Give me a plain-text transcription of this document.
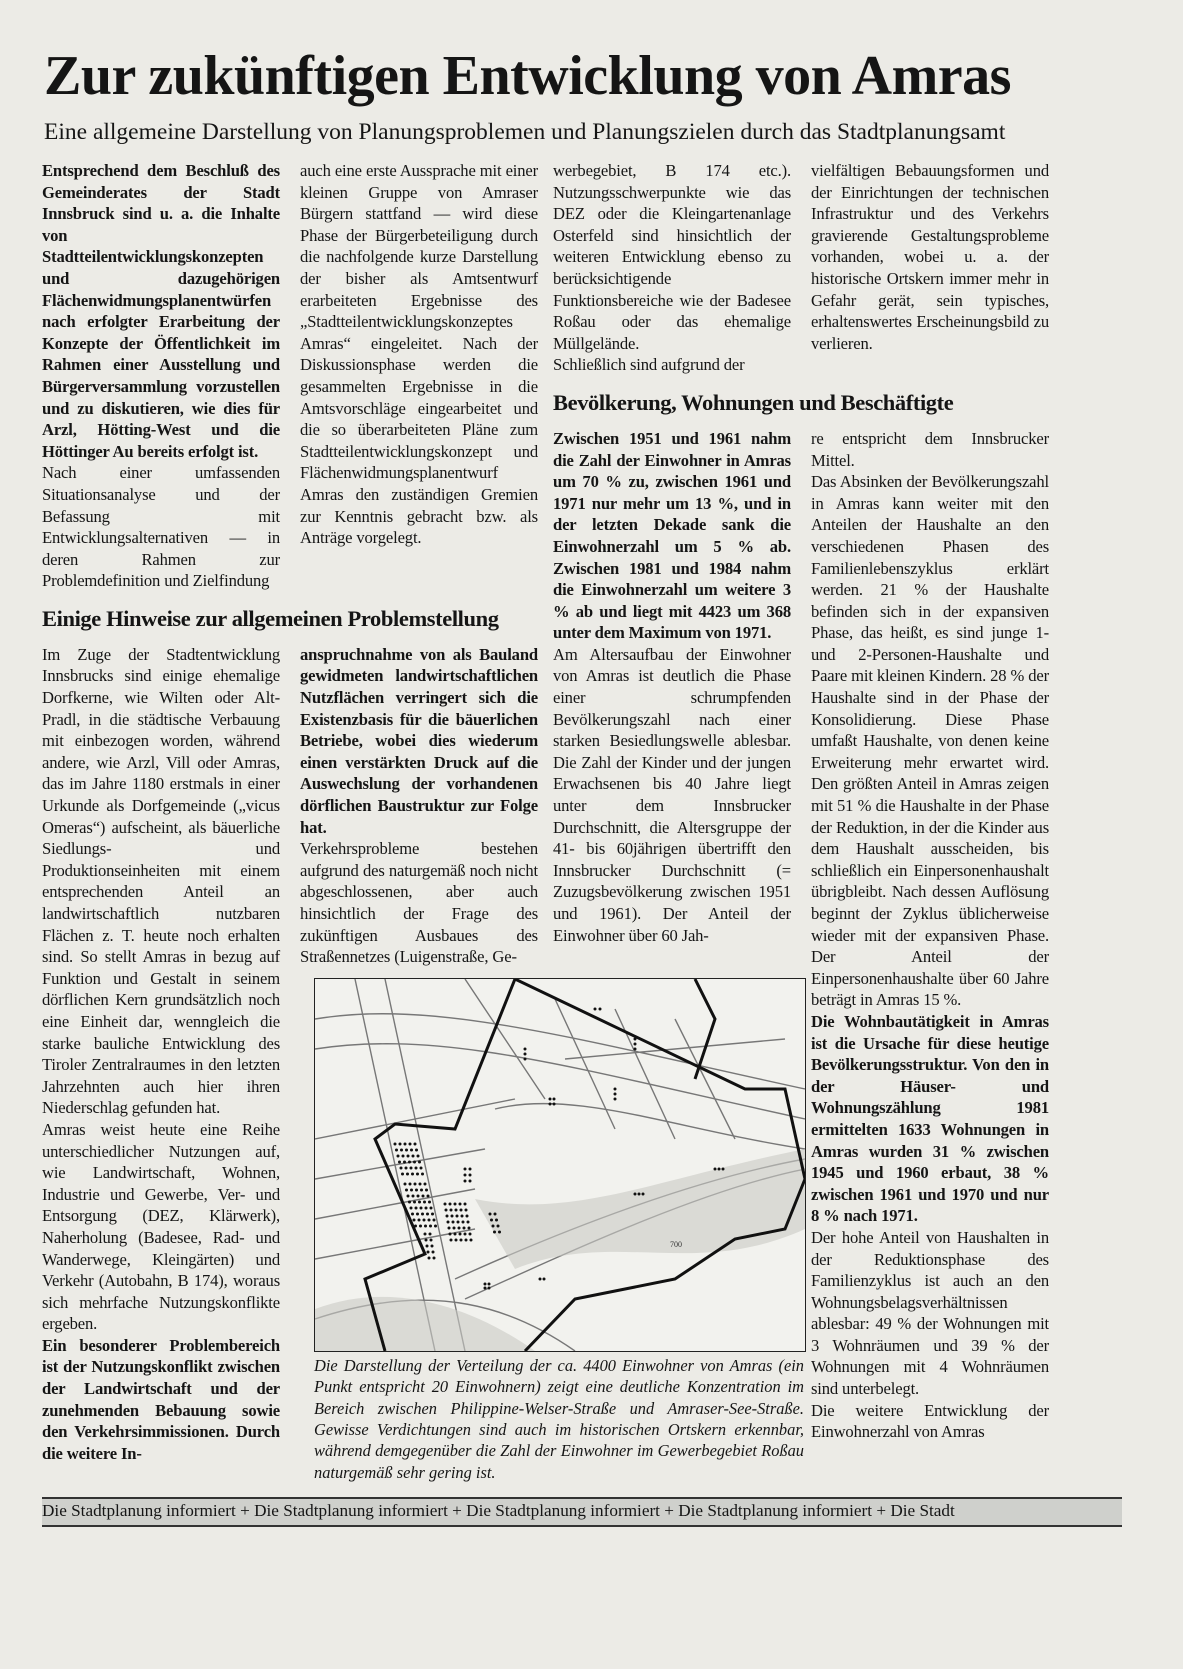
Zur zukünftigen Entwicklung von Amras
Eine allgemeine Darstellung von Planungsproblemen und Planungszielen durch das Stadtplanungsamt

Entsprechend dem Beschluß des Gemeinderates der Stadt Innsbruck sind u. a. die Inhalte von Stadtteilentwicklungskonzepten und dazugehörigen Flächenwidmungsplanentwürfen nach erfolgter Erarbeitung der Konzepte der Öffentlichkeit im Rahmen einer Ausstellung und Bürgerversammlung vorzustellen und zu diskutieren, wie dies für Arzl, Hötting-West und die Höttinger Au bereits erfolgt ist.

Nach einer umfassenden Situationsanalyse und der Befassung mit Entwicklungsalternativen — in deren Rahmen zur Problemdefinition und Zielfindung

auch eine erste Aussprache mit einer kleinen Gruppe von Amraser Bürgern stattfand — wird diese Phase der Bürgerbeteiligung durch die nachfolgende kurze Darstellung der bisher als Amtsentwurf erarbeiteten Ergebnisse des „Stadtteilentwicklungskonzeptes Amras“ eingeleitet. Nach der Diskussionsphase werden die gesammelten Ergebnisse in die Amtsvorschläge eingearbeitet und die so überarbeiteten Pläne zum Stadtteilentwicklungskonzept und Flächenwidmungsplanentwurf Amras den zuständigen Gremien zur Kenntnis gebracht bzw. als Anträge vorgelegt.

Einige Hinweise zur allgemeinen Problemstellung

Im Zuge der Stadtentwicklung Innsbrucks sind einige ehemalige Dorfkerne, wie Wilten oder Alt-Pradl, in die städtische Verbauung mit einbezogen worden, während andere, wie Arzl, Vill oder Amras, das im Jahre 1180 erstmals in einer Urkunde als Dorfgemeinde („vicus Omeras“) aufscheint, als bäuerliche Siedlungs- und Produktionseinheiten mit einem entsprechenden Anteil an landwirtschaftlich nutzbaren Flächen z. T. heute noch erhalten sind. So stellt Amras in bezug auf Funktion und Gestalt in seinem dörflichen Kern grundsätzlich noch eine Einheit dar, wenngleich die starke bauliche Entwicklung des Tiroler Zentralraumes in den letzten Jahrzehnten auch hier ihren Niederschlag gefunden hat.

Amras weist heute eine Reihe unterschiedlicher Nutzungen auf, wie Landwirtschaft, Wohnen, Industrie und Gewerbe, Ver- und Entsorgung (DEZ, Klärwerk), Naherholung (Badesee, Rad- und Wanderwege, Kleingärten) und Verkehr (Autobahn, B 174), woraus sich mehrfache Nutzungskonflikte ergeben.

Ein besonderer Problembereich ist der Nutzungskonflikt zwischen der Landwirtschaft und der zunehmenden Bebauung sowie den Verkehrsimmissionen. Durch die weitere In-

anspruchnahme von als Bauland gewidmeten landwirtschaftlichen Nutzflächen verringert sich die Existenzbasis für die bäuerlichen Betriebe, wobei dies wiederum einen verstärkten Druck auf die Auswechslung der vorhandenen dörflichen Baustruktur zur Folge hat.

Verkehrsprobleme bestehen aufgrund des naturgemäß noch nicht abgeschlossenen, aber auch hinsichtlich der Frage des zukünftigen Ausbaues des Straßennetzes (Luigenstraße, Ge-

werbegebiet, B 174 etc.). Nutzungsschwerpunkte wie das DEZ oder die Kleingartenanlage Osterfeld sind hinsichtlich der weiteren Entwicklung ebenso zu berücksichtigende Funktionsbereiche wie der Badesee Roßau oder das ehemalige Müllgelände.

Schließlich sind aufgrund der

vielfältigen Bebauungsformen und der Einrichtungen der technischen Infrastruktur und des Verkehrs gravierende Gestaltungsprobleme vorhanden, wobei u. a. der historische Ortskern immer mehr in Gefahr gerät, sein typisches, erhaltenswertes Erscheinungsbild zu verlieren.

Bevölkerung, Wohnungen und Beschäftigte

Zwischen 1951 und 1961 nahm die Zahl der Einwohner in Amras um 70 % zu, zwischen 1961 und 1971 nur mehr um 13 %, und in der letzten Dekade sank die Einwohnerzahl um 5 % ab. Zwischen 1981 und 1984 nahm die Einwohnerzahl um weitere 3 % ab und liegt mit 4423 um 368 unter dem Maximum von 1971.

Am Altersaufbau der Einwohner von Amras ist deutlich die Phase einer schrumpfenden Bevölkerungszahl nach einer starken Besiedlungswelle ablesbar. Die Zahl der Kinder und der jungen Erwachsenen bis 40 Jahre liegt unter dem Innsbrucker Durchschnitt, die Altersgruppe der 41- bis 60jährigen übertrifft den Innsbrucker Durchschnitt (= Zuzugsbevölkerung zwischen 1951 und 1961). Der Anteil der Einwohner über 60 Jah-

re entspricht dem Innsbrucker Mittel.

Das Absinken der Bevölkerungszahl in Amras kann weiter mit den Anteilen der Haushalte an den verschiedenen Phasen des Familienlebenszyklus erklärt werden. 21 % der Haushalte befinden sich in der expansiven Phase, das heißt, es sind junge 1- und 2-Personen-Haushalte und Paare mit kleinen Kindern. 28 % der Haushalte sind in der Phase der Konsolidierung. Diese Phase umfaßt Haushalte, von denen keine Erweiterung mehr erwartet wird. Den größten Anteil in Amras zeigen mit 51 % die Haushalte in der Phase der Reduktion, in der die Kinder aus dem Haushalt ausscheiden, bis schließlich ein Einpersonenhaushalt übrigbleibt. Nach dessen Auflösung beginnt der Zyklus üblicherweise wieder mit der expansiven Phase. Der Anteil der Einpersonenhaushalte über 60 Jahre beträgt in Amras 15 %.

Die Wohnbautätigkeit in Amras ist die Ursache für diese heutige Bevölkerungsstruktur. Von den in der Häuser- und Wohnungszählung 1981 ermittelten 1633 Wohnungen in Amras wurden 31 % zwischen 1945 und 1960 erbaut, 38 % zwischen 1961 und 1970 und nur 8 % nach 1971.

Der hohe Anteil von Haushalten in der Reduktionsphase des Familienzyklus ist auch an den Wohnungsbelagsverhältnissen ablesbar: 49 % der Wohnungen mit 3 Wohnräumen und 39 % der Wohnungen mit 4 Wohnräumen sind unterbelegt.

Die weitere Entwicklung der Einwohnerzahl von Amras

700
Die Darstellung der Verteilung der ca. 4400 Einwohner von Amras (ein Punkt entspricht 20 Einwohnern) zeigt eine deutliche Konzentration im Bereich zwischen Philippine-Welser-Straße und Amraser-See-Straße. Gewisse Verdichtungen sind auch im historischen Ortskern erkennbar, während demgegenüber die Zahl der Einwohner im Gewerbegebiet Roßau naturgemäß sehr gering ist.
Die Stadtplanung informiert + Die Stadtplanung informiert + Die Stadtplanung informiert + Die Stadtplanung informiert + Die Stadt
